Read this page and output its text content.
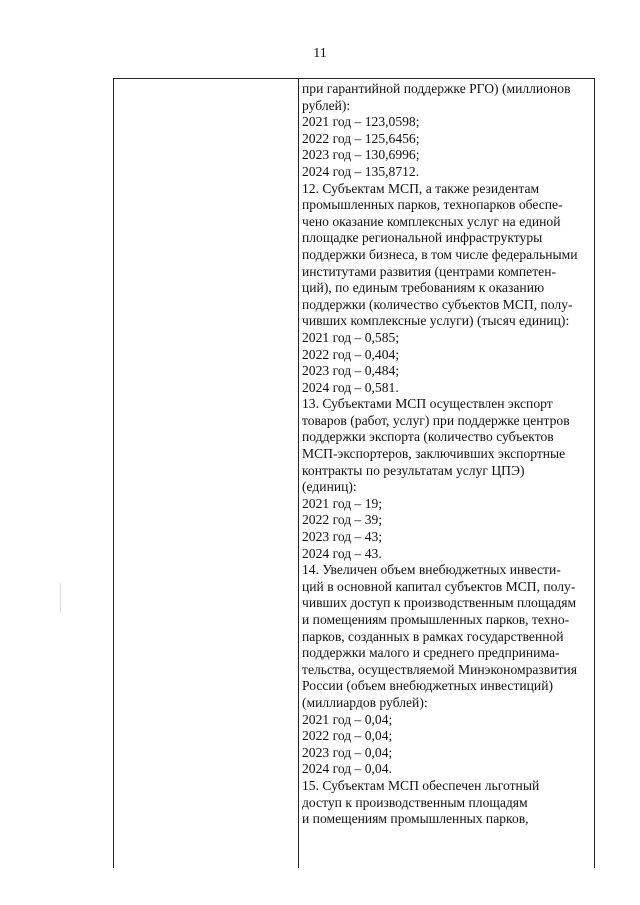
11
при гарантийной поддержке РГО) (миллионов
рублей):
2021 год – 123,0598;
2022 год – 125,6456;
2023 год – 130,6996;
2024 год – 135,8712.
12. Субъектам МСП, а также резидентам
промышленных парков, технопарков обеспе-
чено оказание комплексных услуг на единой
площадке региональной инфраструктуры
поддержки бизнеса, в том числе федеральными
институтами развития (центрами компетен-
ций), по единым требованиям к оказанию
поддержки (количество субъектов МСП, полу-
чивших комплексные услуги) (тысяч единиц):
2021 год – 0,585;
2022 год – 0,404;
2023 год – 0,484;
2024 год – 0,581.
13. Субъектами МСП осуществлен экспорт
товаров (работ, услуг) при поддержке центров
поддержки экспорта (количество субъектов
МСП-экспортеров, заключивших экспортные
контракты по результатам услуг ЦПЭ)
(единиц):
2021 год – 19;
2022 год – 39;
2023 год – 43;
2024 год – 43.
14. Увеличен объем внебюджетных инвести-
ций в основной капитал субъектов МСП, полу-
чивших доступ к производственным площадям
и помещениям промышленных парков, техно-
парков, созданных в рамках государственной
поддержки малого и среднего предпринима-
тельства, осуществляемой Минэкономразвития
России (объем внебюджетных инвестиций)
(миллиардов рублей):
2021 год – 0,04;
2022 год – 0,04;
2023 год – 0,04;
2024 год – 0,04.
15. Субъектам МСП обеспечен льготный
доступ к производственным площадям
и помещениям промышленных парков,
